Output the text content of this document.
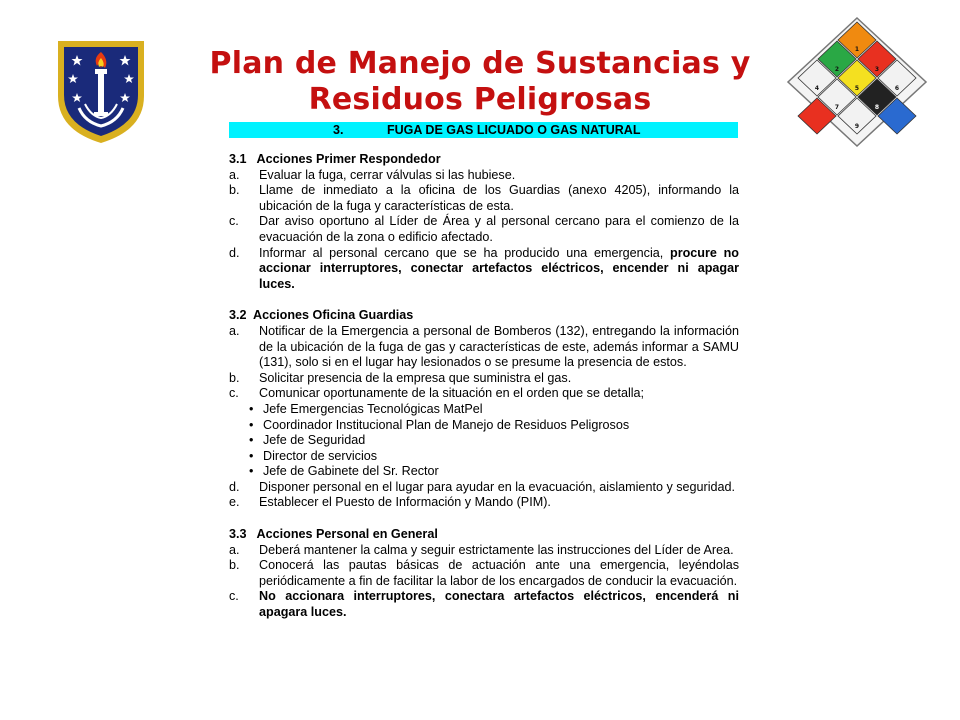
Plan de Manejo de Sustancias y
Residuos Peligrosas
1
2	3
4	5	6
7
9
8
3.	FUGA DE GAS LICUADO O GAS NATURAL
3.1   Acciones Primer Respondedor
a.	Evaluar la fuga, cerrar válvulas si las hubiese.
b.	Llame de inmediato a la oficina de los Guardias (anexo 4205), informando la ubicación de la fuga y características de esta.
c.	Dar aviso oportuno al Líder de Área y al personal cercano para el comienzo de la evacuación de la zona o edificio afectado.
d.	Informar al personal cercano que se ha producido una emergencia, procure no accionar interruptores, conectar artefactos eléctricos, encender ni apagar luces.
3.2  Acciones Oficina Guardias
a.	Notificar de la Emergencia a personal de Bomberos (132), entregando la información de la ubicación de la fuga de gas y características de este, además informar a SAMU (131), solo si en el lugar hay lesionados o se presume la presencia de estos.
b.	Solicitar presencia de la empresa que suministra el gas.
c.	Comunicar oportunamente de la situación en el orden que se detalla;
• Jefe Emergencias Tecnológicas MatPel
• Coordinador Institucional Plan de Manejo de Residuos Peligrosos
• Jefe de Seguridad
• Director de servicios
• Jefe de Gabinete del Sr. Rector
d.	Disponer personal en el lugar para ayudar en la evacuación, aislamiento y seguridad.
e.	Establecer el Puesto de Información y Mando (PIM).
3.3   Acciones Personal en General
a.	Deberá mantener la calma y seguir estrictamente las instrucciones del Líder de Area.
b.	Conocerá las pautas básicas de actuación ante una emergencia, leyéndolas periódicamente a fin de facilitar la labor de los encargados de conducir la evacuación.
c.	No accionara interruptores, conectara artefactos eléctricos, encenderá ni apagara luces.
